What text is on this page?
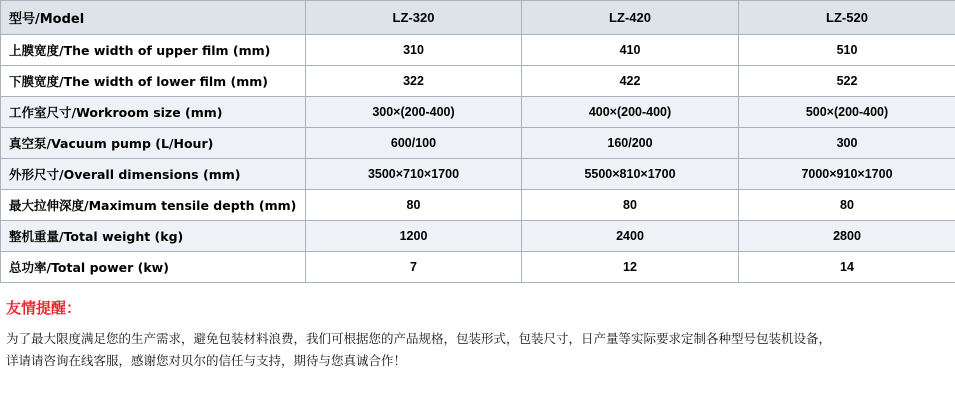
型号/Model	LZ-320	LZ-420	LZ-520
上膜宽度/The width of upper film (mm)	310	410	510
下膜宽度/The width of lower film (mm)	322	422	522
工作室尺寸/Workroom size (mm)	300×(200-400)	400×(200-400)	500×(200-400)
真空泵/Vacuum pump (L/Hour)	600/100	160/200	300
外形尺寸/Overall dimensions (mm)	3500×710×1700	5500×810×1700	7000×910×1700
最大拉伸深度/Maximum tensile depth (mm)	80	80	80
整机重量/Total weight (kg)	1200	2400	2800
总功率/Total power (kw)	7	12	14
友情提醒：
为了最大限度满足您的生产需求，避免包装材料浪费，我们可根据您的产品规格，包装形式，包装尺寸，日产量等实际要求定制各种型号包装机设备，
详请请咨询在线客服，感谢您对贝尔的信任与支持，期待与您真诚合作！
